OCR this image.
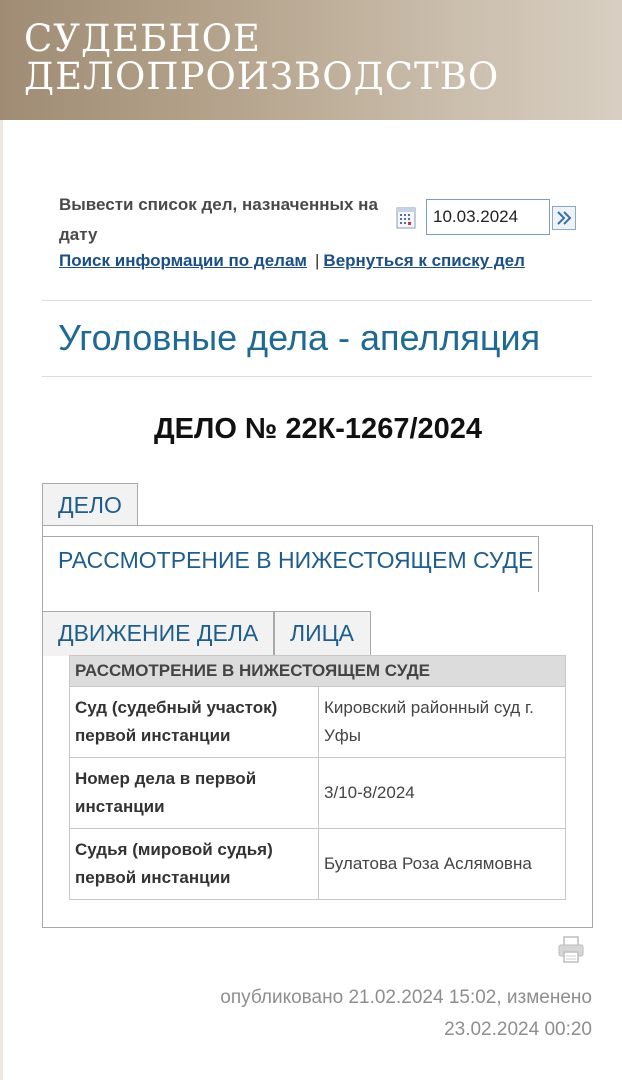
СУДЕБНОЕ
ДЕЛОПРОИЗВОДСТВО
Вывести список дел, назначенных на дату
10.03.2024
Поиск информации по делам | Вернуться к списку дел
Уголовные дела - апелляция
ДЕЛО № 22К-1267/2024
ДЕЛО
РАССМОТРЕНИЕ В НИЖЕСТОЯЩЕМ СУДЕ
ДВИЖЕНИЕ ДЕЛА	ЛИЦА
РАССМОТРЕНИЕ В НИЖЕСТОЯЩЕМ СУДЕ	
Суд (судебный участок) первой инстанции	Кировский районный суд г. Уфы
Номер дела в первой инстанции	3/10-8/2024
Судья (мировой судья) первой инстанции	Булатова Роза Аслямовна
опубликовано 21.02.2024 15:02, изменено 23.02.2024 00:20
